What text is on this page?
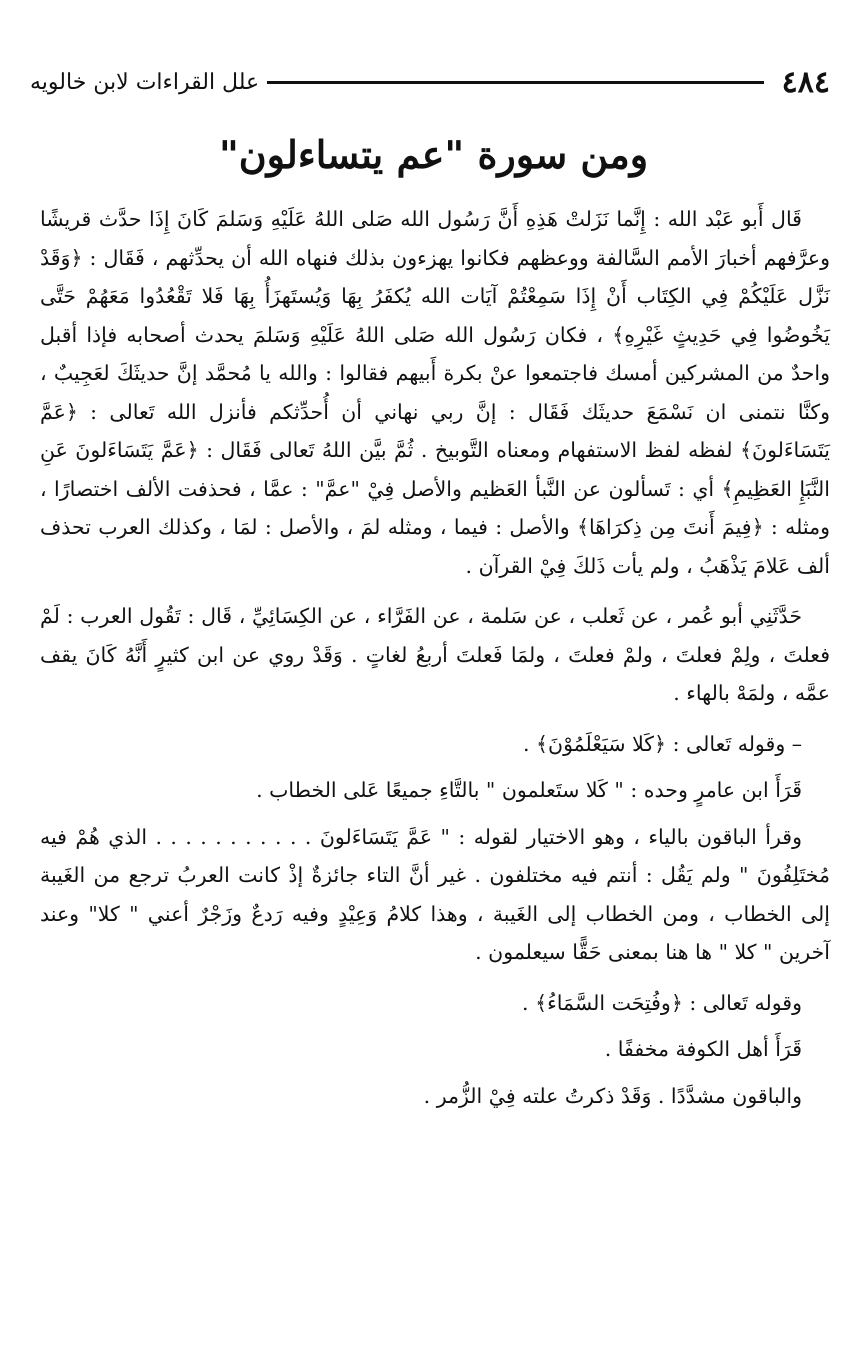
٤٨٤
علل القراءات لابن خالويه
ومن سورة "عم يتساءلون"

قَال أَبو عَبْد الله : إِنَّما نَزَلتْ هَذِهِ أَنَّ رَسُول الله صَلى اللهُ عَلَيْهِ وَسَلمَ كَانَ إِذَا حدَّث قريشًا وعرَّفهم أخبارَ الأمم السَّالفة ووعظهم فكانوا يهزءون بذلك فنهاه الله أن يحدِّثهم ، فَقَال : ﴿وَقَدْ نَزَّل عَلَيْكُمْ فِي الكِتَاب أَنْ إِذَا سَمِعْتُمْ آيَات الله يُكفَرُ بِهَا وَيُستَهزَأُ بِهَا فَلا تَقْعُدُوا مَعَهُمْ حَتَّى يَخُوضُوا فِي حَدِيثٍ غَيْرِهِ﴾ ، فكان رَسُول الله صَلى اللهُ عَلَيْهِ وَسَلمَ يحدث أصحابه فإذا أقبل واحدٌ من المشركين أمسك فاجتمعوا عنْ بكرة أَبيهم فقالوا : والله يا مُحمَّد إنَّ حديثَكَ لعَجِيبٌ ، وكنَّا نتمنى ان نَسْمَعَ حديثَك فَقَال : إنَّ ربي نهاني أن أُحدِّثكم فأنزل الله تَعالى : ﴿عَمَّ يَتَسَاءَلونَ﴾ لفظه لفظ الاستفهام ومعناه التَّوبيخ . ثُمَّ بيَّن اللهُ تَعالى فَقَال : ﴿عَمَّ يَتَسَاءَلونَ عَنِ النَّبَإِ العَظِيمِ﴾ أي : تَسألون عن النَّبأ العَظيم والأصل فِيْ "عمَّ" : عمَّا ، فحذفت الألف اختصارًا ، ومثله : ﴿فِيمَ أَنتَ مِن ذِكرَاهَا﴾ والأصل : فيما ، ومثله لمَ ، والأصل : لمَا ، وكذلك العرب تحذف ألف عَلامَ يَذْهَبُ ، ولم يأت ذَلكَ فِيْ القرآن .

حَدَّثَنِي أبو عُمر ، عن ثَعلب ، عن سَلمة ، عن الفَرَّاء ، عن الكِسَائِيِّ ، قَال : تَقُول العرب : لَمْ فعلتَ ، ولِمْ فعلتَ ، ولمْ فعلتَ ، ولمَا فَعلتَ أربعُ لغاتٍ . وَقَدْ روي عن ابن كثيرٍ أَنَّهُ كَانَ يقف عمَّه ، ولمَهْ بالهاء .

– وقوله تَعالى : ﴿كَلا سَيَعْلَمُوْنَ﴾ .

قَرَأَ ابن عامرٍ وحده : " كَلا ستَعلمون " بالتَّاءِ جميعًا عَلى الخطاب .

وقرأ الباقون بالياء ، وهو الاختيار لقوله : " عَمَّ يَتَسَاءَلونَ . . . . . . . . . . . الذي هُمْ فيه مُختَلِفُونَ " ولم يَقُل : أنتم فيه مختلفون . غير أنَّ التاء جائزةٌ إذْ كانت العربُ ترجع من الغَيبة إلى الخطاب ، ومن الخطاب إلى الغَيبة ، وهذا كلامُ وَعِيْدٍ وفيه رَدعٌ وزَجْرٌ أعني " كلا" وعند آخرين " كلا " ها هنا بمعنى حَقًّا سيعلمون .

وقوله تَعالى : ﴿وفُتِحَت السَّمَاءُ﴾ .

قَرَأَ أهل الكوفة مخففًا .

والباقون مشدَّدًا . وَقَدْ ذكرتُ علته فِيْ الزُّمر .
